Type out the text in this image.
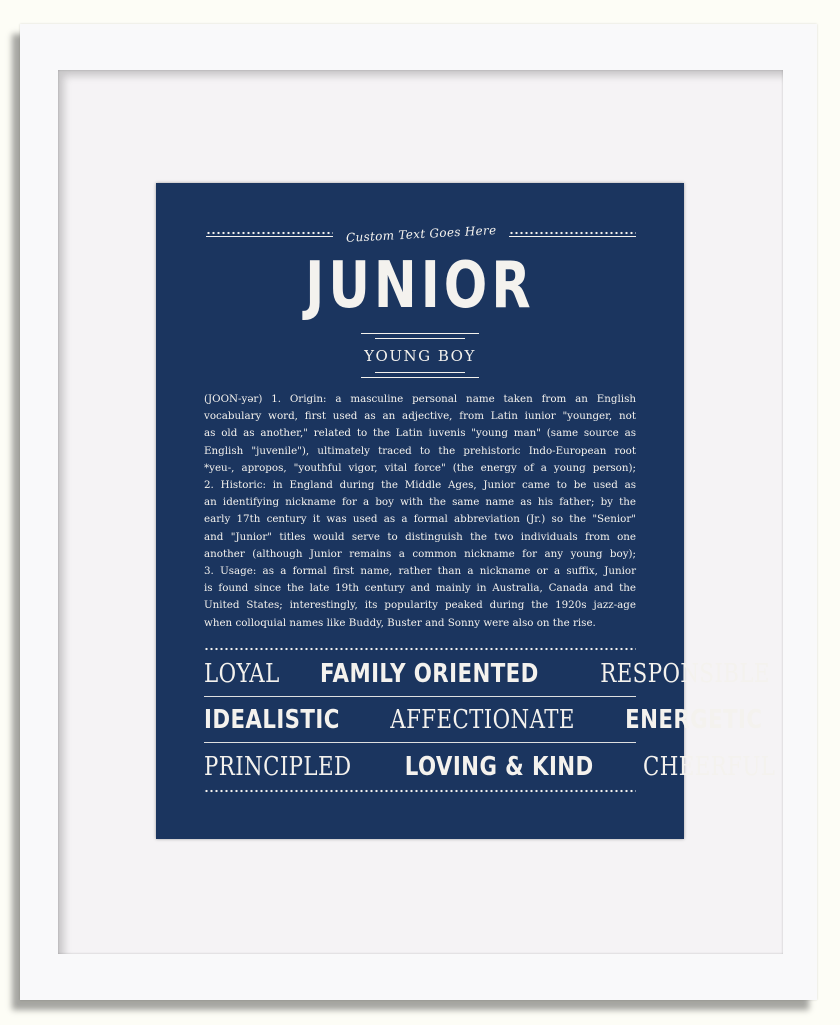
Custom Text Goes Here
JUNIOR
YOUNG BOY
(JOON-yər) 1. Origin: a masculine personal name taken from an English
vocabulary word, first used as an adjective, from Latin iunior "younger, not
as old as another," related to the Latin iuvenis "young man" (same source as
English "juvenile"), ultimately traced to the prehistoric Indo-European root
*yeu-, apropos, "youthful vigor, vital force" (the energy of a young person);
2. Historic: in England during the Middle Ages, Junior came to be used as
an identifying nickname for a boy with the same name as his father; by the
early 17th century it was used as a formal abbreviation (Jr.) so the "Senior"
and "Junior" titles would serve to distinguish the two individuals from one
another (although Junior remains a common nickname for any young boy);
3. Usage: as a formal first name, rather than a nickname or a suffix, Junior
is found since the late 19th century and mainly in Australia, Canada and the
United States; interestingly, its popularity peaked during the 1920s jazz-age
when colloquial names like Buddy, Buster and Sonny were also on the rise.
LOYAL FAMILY ORIENTED RESPONSIBLE
IDEALISTIC AFFECTIONATE ENERGETIC
PRINCIPLED LOVING & KIND CHEERFUL
